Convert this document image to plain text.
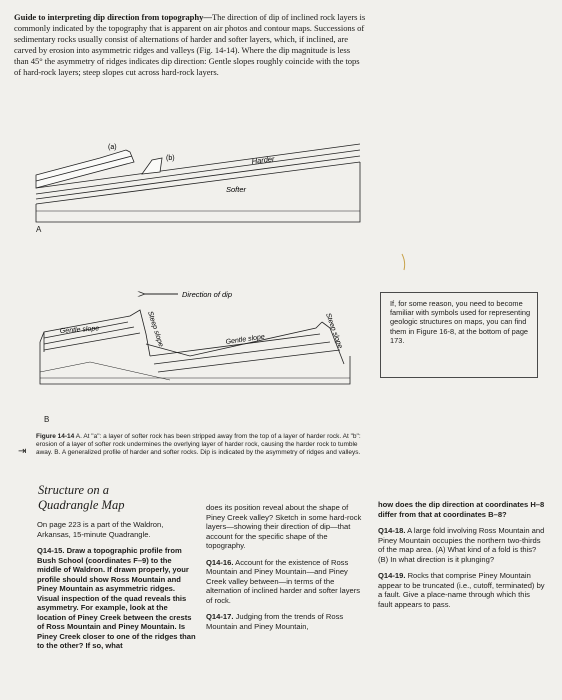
Guide to interpreting dip direction from topography—The direction of dip of inclined rock layers is commonly indicated by the topography that is apparent on air photos and contour maps. Successions of sedimentary rocks usually consist of alternations of harder and softer layers, which, if inclined, are carved by erosion into asymmetric ridges and valleys (Fig. 14-14). Where the dip magnitude is less than 45° the asymmetry of ridges indicates dip direction: Gentle slopes roughly coincide with the tops of hard-rock layers; steep slopes cut across hard-rock layers.
(a)
(b)	Harder
Softer
A
Direction of dip
Gentle slope	Steep slope	Gentle slope	Steep slope
B
If, for some reason, you need to become familiar with symbols used for representing geologic structures on maps, you can find them in Figure 16-8, at the bottom of page 173.
⇥
Figure 14-14 A. At "a": a layer of softer rock has been stripped away from the top of a layer of harder rock. At "b": erosion of a layer of softer rock undermines the overlying layer of harder rock, causing the harder rock to tumble away. B. A generalized profile of harder and softer rocks. Dip is indicated by the asymmetry of ridges and valleys.
Structure on a
Quadrangle Map

On page 223 is a part of the Waldron, Arkansas, 15-minute Quadrangle.

Q14-15. Draw a topographic profile from Bush School (coordinates F–9) to the middle of Waldron. If drawn properly, your profile should show Ross Mountain and Piney Mountain as asymmetric ridges. Visual inspection of the quad reveals this asymmetry. For example, look at the location of Piney Creek between the crests of Ross Mountain and Piney Mountain. Is Piney Creek closer to one of the ridges than to the other? If so, what

does its position reveal about the shape of Piney Creek valley? Sketch in some hard-rock layers—showing their direction of dip—that account for the specific shape of the topography.

Q14-16. Account for the existence of Ross Mountain and Piney Mountain—and Piney Creek valley between—in terms of the alternation of inclined harder and softer layers of rock.

Q14-17. Judging from the trends of Ross Mountain and Piney Mountain,

how does the dip direction at coordinates H–8 differ from that at coordinates B–8?

Q14-18. A large fold involving Ross Mountain and Piney Mountain occupies the northern two-thirds of the map area. (A) What kind of a fold is this? (B) In what direction is it plunging?

Q14-19. Rocks that comprise Piney Mountain appear to be truncated (i.e., cutoff, terminated) by a fault. Give a place-name through which this fault appears to pass.
